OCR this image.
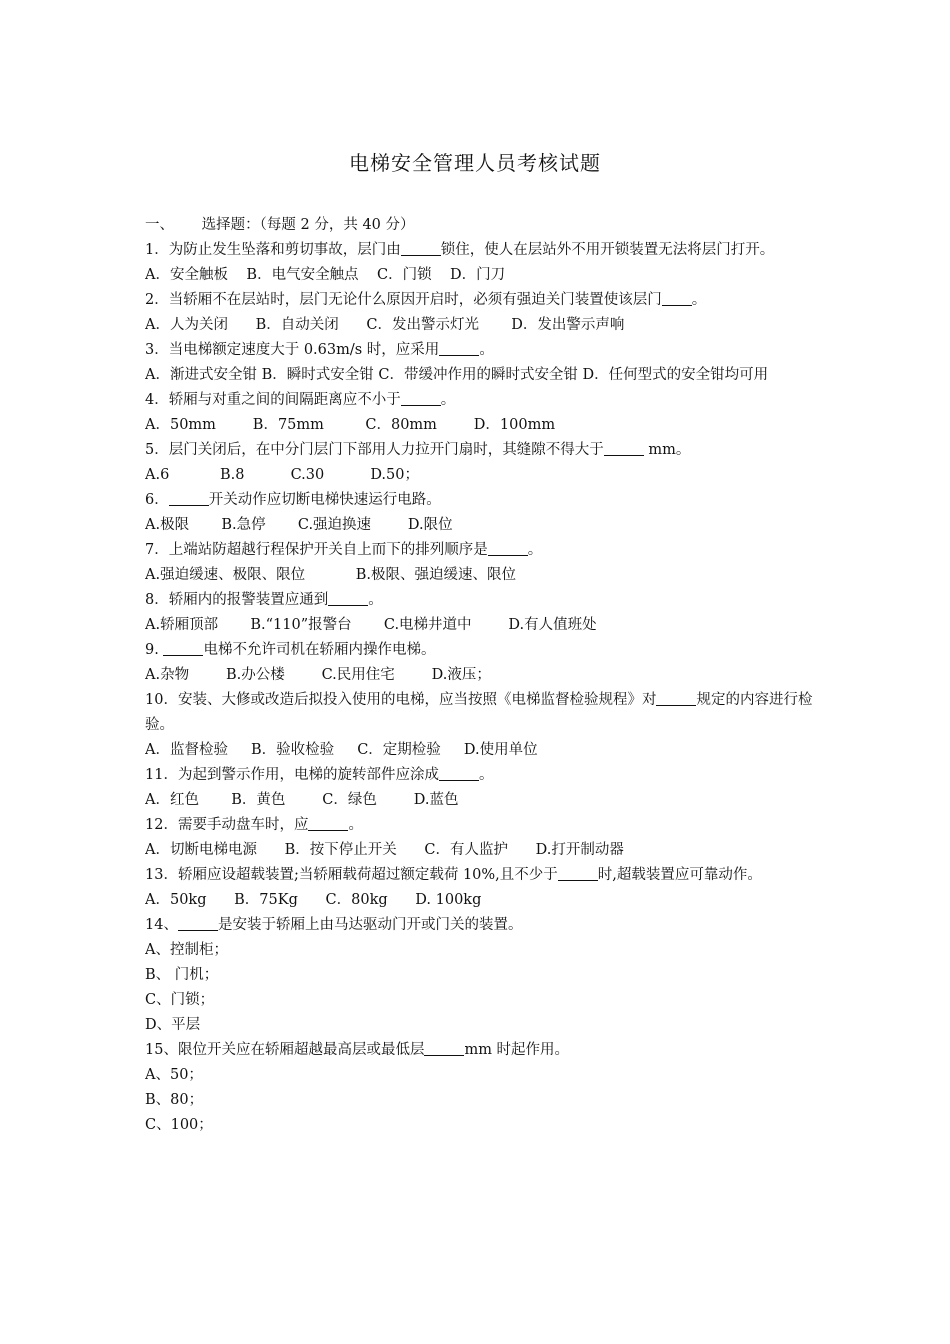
电梯安全管理人员考核试题
一、      选择题：（每题 2 分，共 40 分）
1．为防止发生坠落和剪切事故，层门由	锁住，使人在层站外不用开锁装置无法将层门打开。
A．安全触板    B．电气安全触点    C．门锁    D．门刀
2．当轿厢不在层站时，层门无论什么原因开启时，必须有强迫关门装置使该层门 。
A．人为关闭      B．自动关闭      C．发出警示灯光       D．发出警示声响
3．当电梯额定速度大于 0.63m/s 时，应采用	。
A．渐进式安全钳 B．瞬时式安全钳 C．带缓冲作用的瞬时式安全钳 D．任何型式的安全钳均可用
4．轿厢与对重之间的间隔距离应不小于	。
A．50mm        B．75mm         C．80mm        D．100mm
5．层门关闭后，在中分门层门下部用人力拉开门扇时，其缝隙不得大于	mm。
A.6           B.8          C.30          D.50；
6．	开关动作应切断电梯快速运行电路。
A.极限       B.急停       C.强迫换速        D.限位
7．上端站防超越行程保护开关自上而下的排列顺序是	。
A.强迫缓速、极限、限位           B.极限、强迫缓速、限位
8．轿厢内的报警装置应通到	。
A.轿厢顶部       B.“110”报警台       C.电梯井道中        D.有人值班处
9.	电梯不允许司机在轿厢内操作电梯。
A.杂物        B.办公楼        C.民用住宅        D.液压；
10．安装、大修或改造后拟投入使用的电梯，应当按照《电梯监督检验规程》对	规定的内容进行检验。
A．监督检验     B．验收检验     C．定期检验     D.使用单位
11．为起到警示作用，电梯的旋转部件应涂成	。
A．红色       B．黄色        C．绿色        D.蓝色
12．需要手动盘车时，应	。
A．切断电梯电源      B．按下停止开关      C．有人监护      D.打开制动器
13．轿厢应设超载装置;当轿厢载荷超过额定载荷 10%,且不少于	时,超载装置应可靠动作。
A．50kg      B．75Kg      C．80kg      D. 100kg
14、	是安装于轿厢上由马达驱动门开或门关的装置。
A、控制柜；
B、 门机；
C、门锁；
D、平层
15、限位开关应在轿厢超越最高层或最低层	mm 时起作用。
A、50；
B、80；
C、100；
